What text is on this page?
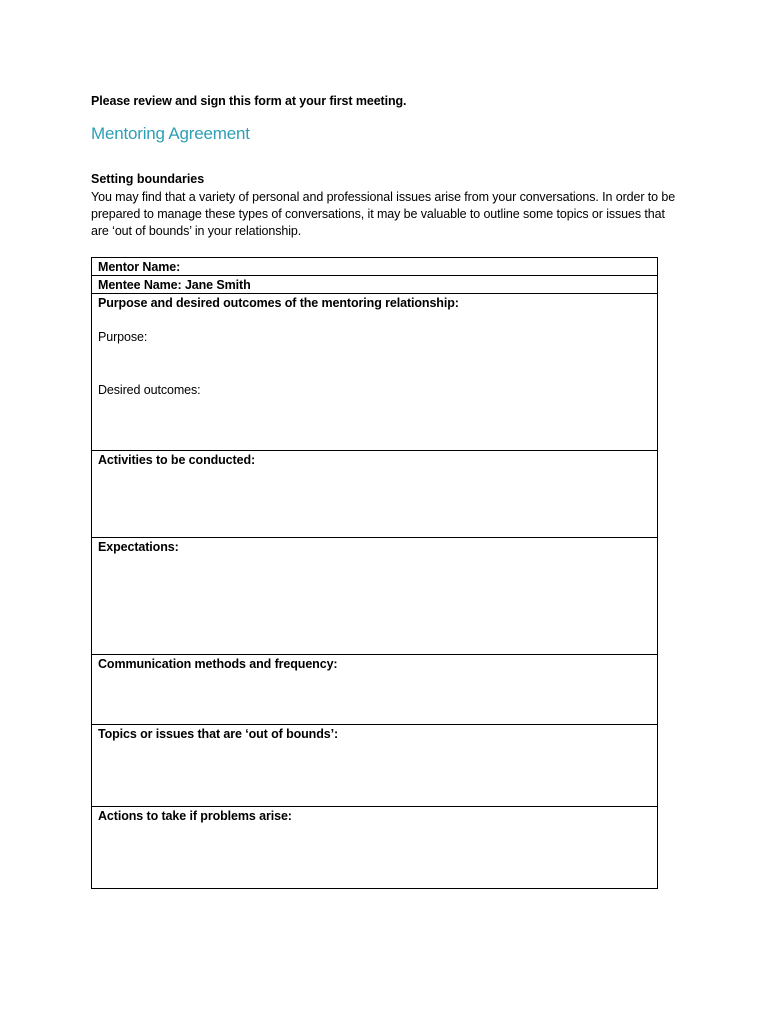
Please review and sign this form at your first meeting.
Mentoring Agreement
Setting boundaries
You may find that a variety of personal and professional issues arise from your conversations. In order to be prepared to manage these types of conversations, it may be valuable to outline some topics or issues that are ‘out of bounds’ in your relationship.
Mentor Name:
Mentee Name: Jane Smith
Purpose and desired outcomes of the mentoring relationship:
Purpose:
Desired outcomes:
Activities to be conducted:
Expectations:
Communication methods and frequency:
Topics or issues that are ‘out of bounds’:
Actions to take if problems arise:
